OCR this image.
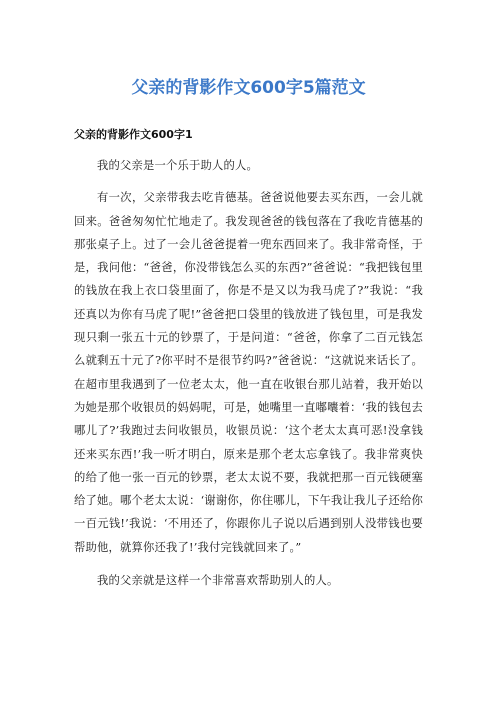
父亲的背影作文600字5篇范文
父亲的背影作文600字1

我的父亲是一个乐于助人的人。

有一次，父亲带我去吃肯德基。爸爸说他要去买东西，一会儿就回来。爸爸匆匆忙忙地走了。我发现爸爸的钱包落在了我吃肯德基的那张桌子上。过了一会儿爸爸提着一兜东西回来了。我非常奇怪，于是，我问他：“爸爸，你没带钱怎么买的东西?”爸爸说：“我把钱包里的钱放在我上衣口袋里面了，你是不是又以为我马虎了?”我说：“我还真以为你有马虎了呢!”爸爸把口袋里的钱放进了钱包里，可是我发现只剩一张五十元的钞票了，于是问道：“爸爸，你拿了二百元钱怎么就剩五十元了?你平时不是很节约吗?”爸爸说：“这就说来话长了。在超市里我遇到了一位老太太，他一直在收银台那儿站着，我开始以为她是那个收银员的妈妈呢，可是，她嘴里一直嘟囔着：‘我的钱包去哪儿了?’我跑过去问收银员，收银员说：‘这个老太太真可恶!没拿钱还来买东西!’我一听才明白，原来是那个老太忘拿钱了。我非常爽快的给了他一张一百元的钞票，老太太说不要，我就把那一百元钱硬塞给了她。哪个老太太说：‘谢谢你，你住哪儿，下午我让我儿子还给你一百元钱!’我说：‘不用还了，你跟你儿子说以后遇到别人没带钱也要帮助他，就算你还我了!’我付完钱就回来了。”

我的父亲就是这样一个非常喜欢帮助别人的人。
